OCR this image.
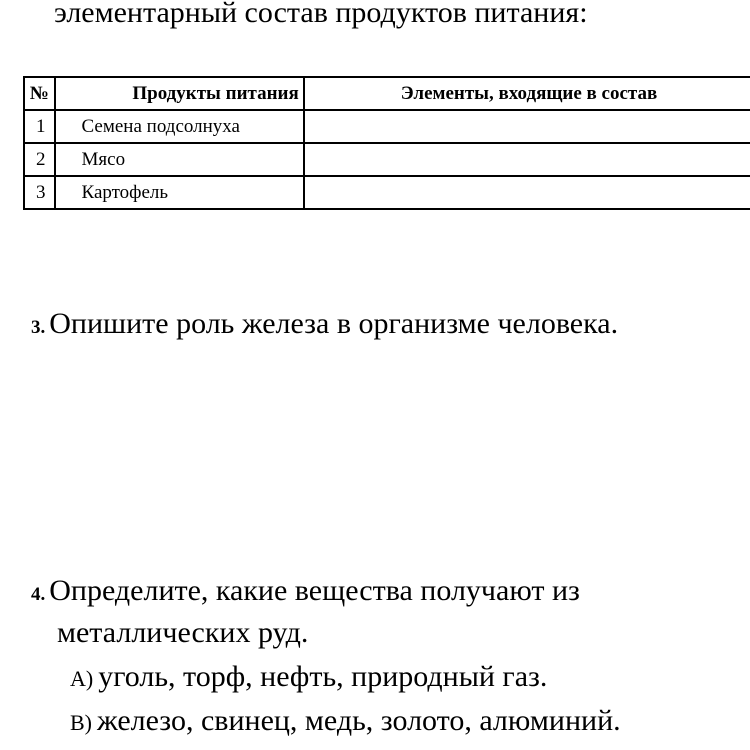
элементарный состав продуктов питания:
№	Продукты питания	Элементы, входящие в состав
1	Семена подсолнуха	
2	Мясо	
3	Картофель	
3. Опишите роль железа в организме человека.
4. Определите, какие вещества получают из
металлических руд.
А) уголь, торф, нефть, природный газ.
В) железо, свинец, медь, золото, алюминий.
